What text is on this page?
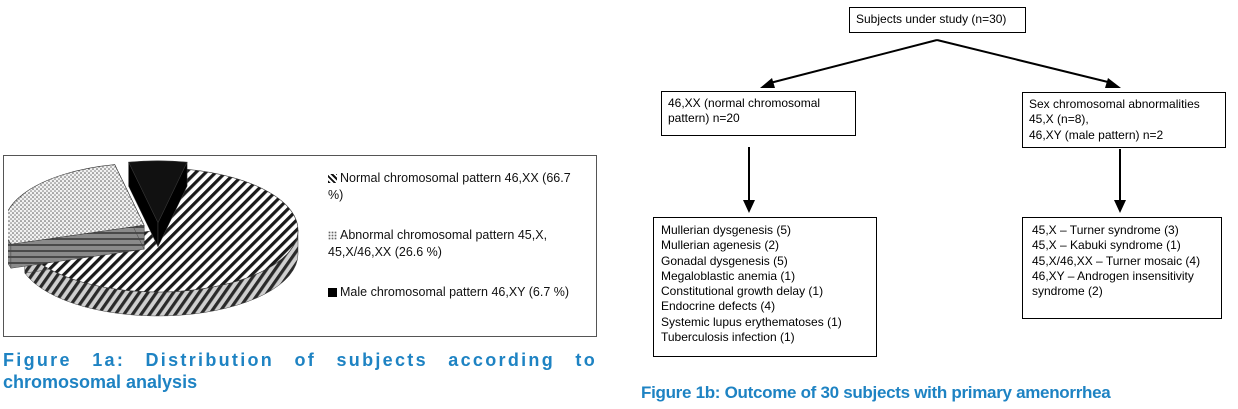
Normal chromosomal pattern 46,XX (66.7
%)
Abnormal chromosomal pattern 45,X,
45,X/46,XX (26.6 %)
Male chromosomal pattern 46,XY (6.7 %)
Figure 1a: Distribution of subjects according to
chromosomal analysis
Subjects under study (n=30)
46,XX (normal chromosomal
pattern) n=20
Sex chromosomal abnormalities
45,X (n=8),
46,XY (male pattern) n=2
Mullerian dysgenesis (5)
Mullerian agenesis (2)
Gonadal dysgenesis (5)
Megaloblastic anemia (1)
Constitutional growth delay (1)
Endocrine defects (4)
Systemic lupus erythematoses (1)
Tuberculosis infection (1)
45,X – Turner syndrome (3)
45,X – Kabuki syndrome (1)
45,X/46,XX – Turner mosaic (4)
46,XY – Androgen insensitivity
syndrome (2)
Figure 1b: Outcome of 30 subjects with primary amenorrhea
